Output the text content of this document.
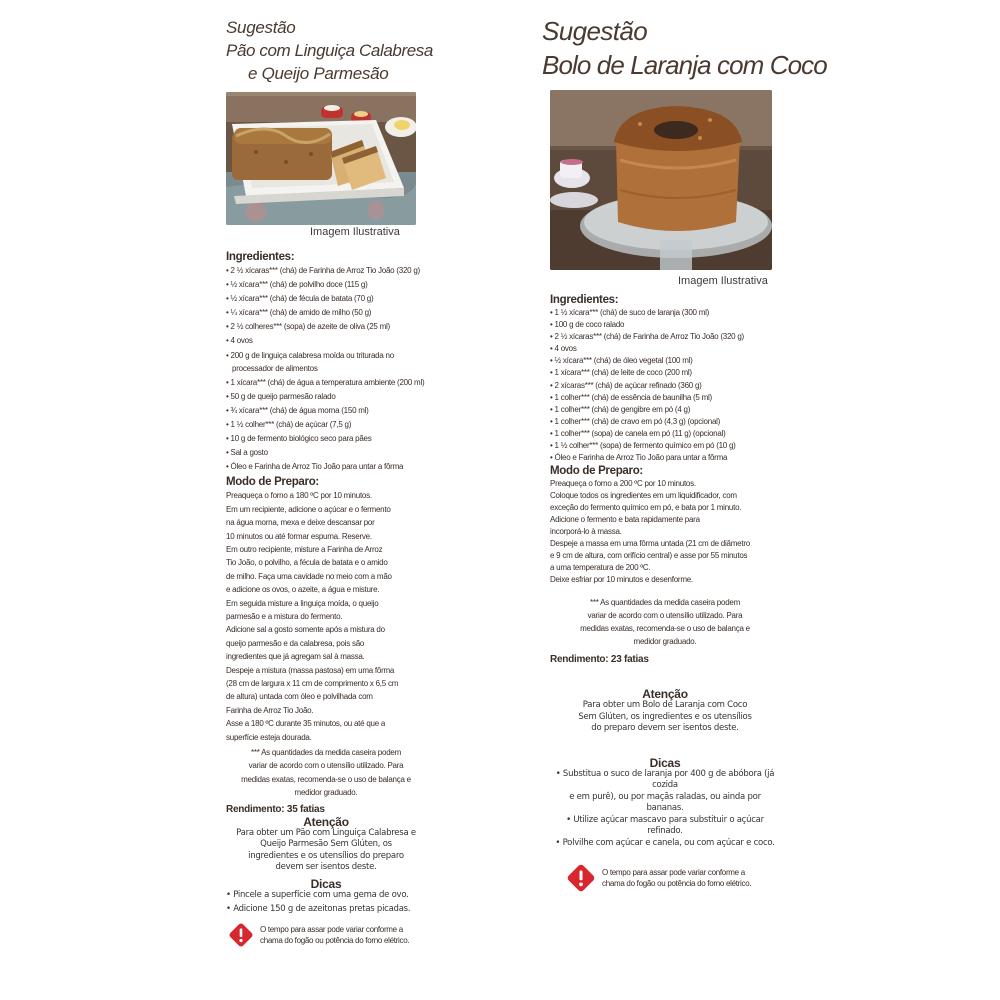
Sugestão
Pão com Linguiça Calabresa
e Queijo Parmesão
Imagem Ilustrativa
Ingredientes:
• 2 ½ xícaras*** (chá) de Farinha de Arroz Tio João (320 g)
• ½ xícara*** (chá) de polvilho doce (115 g)
• ½ xícara*** (chá) de fécula de batata (70 g)
• ¼ xícara*** (chá) de amido de milho (50 g)
• 2 ½ colheres*** (sopa) de azeite de oliva (25 ml)
• 4 ovos
• 200 g de linguiça calabresa moída ou triturada no
processador de alimentos
• 1 xícara*** (chá) de água a temperatura ambiente (200 ml)
• 50 g de queijo parmesão ralado
• ¾ xícara*** (chá) de água morna (150 ml)
• 1 ½ colher*** (chá) de açúcar (7,5 g)
• 10 g de fermento biológico seco para pães
• Sal a gosto
• Óleo e Farinha de Arroz Tio João para untar a fôrma
Modo de Preparo:

Preaqueça o forno a 180 ºC por 10 minutos.

Em um recipiente, adicione o açúcar e o fermento

na água morna, mexa e deixe descansar por

10 minutos ou até formar espuma. Reserve.

Em outro recipiente, misture a Farinha de Arroz

Tio João, o polvilho, a fécula de batata e o amido

de milho. Faça uma cavidade no meio com a mão

e adicione os ovos, o azeite, a água e misture.

Em seguida misture a linguiça moída, o queijo

parmesão e a mistura do fermento.

Adicione sal a gosto somente após a mistura do

queijo parmesão e da calabresa, pois são

ingredientes que já agregam sal à massa.

Despeje a mistura (massa pastosa) em uma fôrma

(28 cm de largura x 11 cm de comprimento x 6,5 cm

de altura) untada com óleo e polvilhada com

Farinha de Arroz Tio João.

Asse a 180 ºC durante 35 minutos, ou até que a

superfície esteja dourada.

*** As quantidades da medida caseira podem

variar de acordo com o utensílio utilizado. Para

medidas exatas, recomenda-se o uso de balança e

medidor graduado.

Rendimento: 35 fatias
Atenção
Para obter um Pão com Linguiça Calabresa e
Queijo Parmesão Sem Glúten, os
ingredientes e os utensílios do preparo
devem ser isentos deste.
Dicas
• Pincele a superfície com uma gema de ovo.
• Adicione 150 g de azeitonas pretas picadas.
O tempo para assar pode variar conforme a
chama do fogão ou potência do forno elétrico.
Sugestão
Bolo de Laranja com Coco
Imagem Ilustrativa
Ingredientes:
• 1 ½ xícara*** (chá) de suco de laranja (300 ml)
• 100 g de coco ralado
• 2 ½ xícaras*** (chá) de Farinha de Arroz Tio João (320 g)
• 4 ovos
• ½ xícara*** (chá) de óleo vegetal (100 ml)
• 1 xícara*** (chá) de leite de coco (200 ml)
• 2 xícaras*** (chá) de açúcar refinado (360 g)
• 1 colher*** (chá) de essência de baunilha (5 ml)
• 1 colher*** (chá) de gengibre em pó (4 g)
• 1 colher*** (chá) de cravo em pó (4,3 g) (opcional)
• 1 colher*** (sopa) de canela em pó (11 g) (opcional)
• 1 ½ colher*** (sopa) de fermento químico em pó (10 g)
• Óleo e Farinha de Arroz Tio João para untar a fôrma
Modo de Preparo:

Preaqueça o forno a 200 ºC por 10 minutos.

Coloque todos os ingredientes em um liquidificador, com

exceção do fermento químico em pó, e bata por 1 minuto.

Adicione o fermento e bata rapidamente para

incorporá-lo à massa.

Despeje a massa em uma fôrma untada (21 cm de diâmetro

e 9 cm de altura, com orifício central) e asse por 55 minutos

a uma temperatura de 200 ºC.

Deixe esfriar por 10 minutos e desenforme.

*** As quantidades da medida caseira podem

variar de acordo com o utensílio utilizado. Para

medidas exatas, recomenda-se o uso de balança e

medidor graduado.

Rendimento: 23 fatias
Atenção
Para obter um Bolo de Laranja com Coco
Sem Glúten, os ingredientes e os utensílios
do preparo devem ser isentos deste.
Dicas
• Substitua o suco de laranja por 400 g de abóbora (já cozida
e em purê), ou por maçãs raladas, ou ainda por bananas.
• Utilize açúcar mascavo para substituir o açúcar refinado.
• Polvilhe com açúcar e canela, ou com açúcar e coco.
O tempo para assar pode variar conforme a
chama do fogão ou potência do forno elétrico.
